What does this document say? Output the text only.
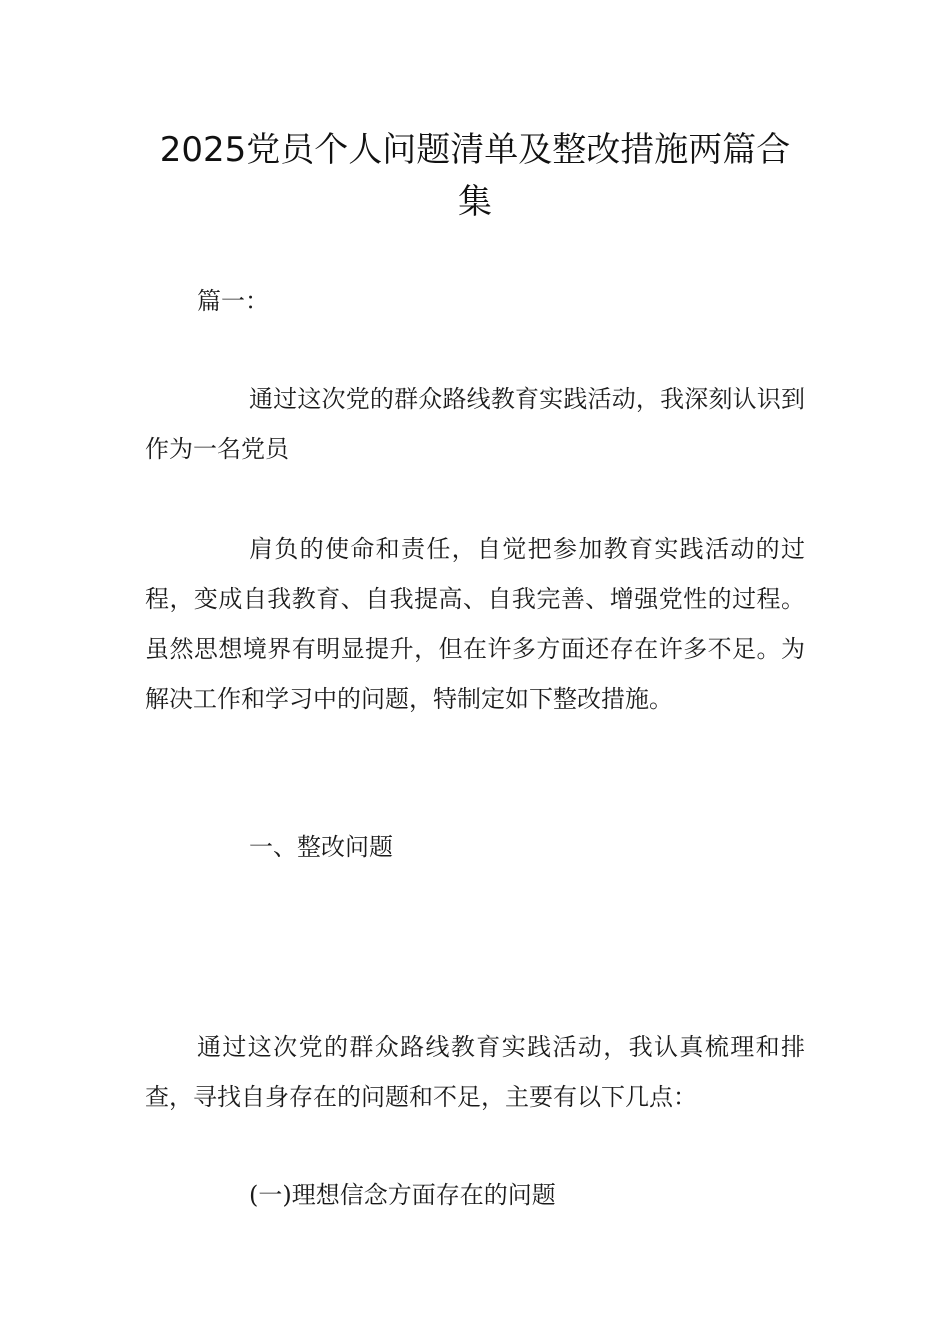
2025党员个人问题清单及整改措施两篇合集

篇一：

通过这次党的群众路线教育实践活动，我深刻认识到作为一名党员

肩负的使命和责任，自觉把参加教育实践活动的过程，变成自我教育、自我提高、自我完善、增强党性的过程。虽然思想境界有明显提升，但在许多方面还存在许多不足。为解决工作和学习中的问题，特制定如下整改措施。

一、整改问题

通过这次党的群众路线教育实践活动，我认真梳理和排查，寻找自身存在的问题和不足，主要有以下几点：

(一)理想信念方面存在的问题
